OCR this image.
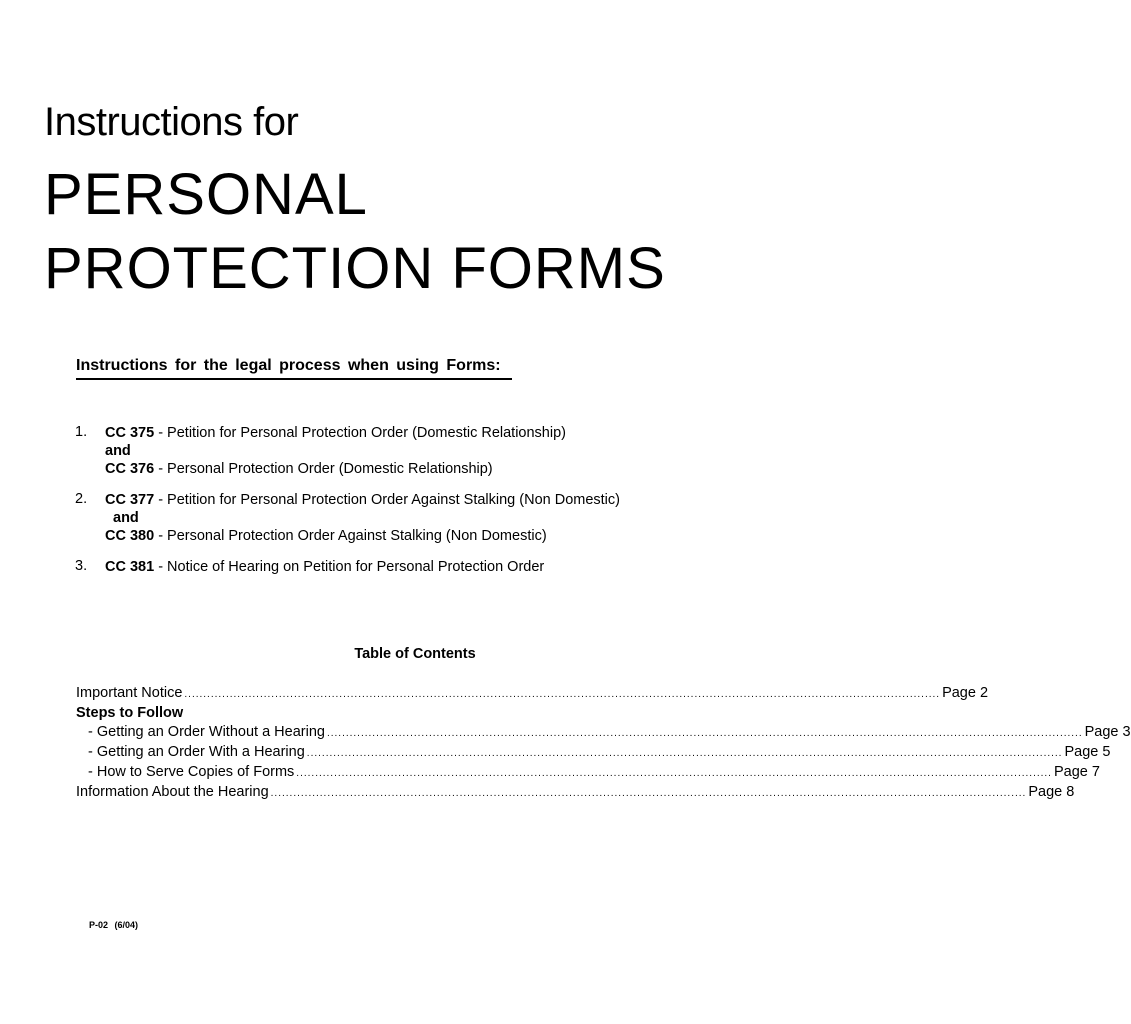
Instructions for
PERSONAL
PROTECTION FORMS
Instructions for the legal process when using Forms:
1.	CC 375 - Petition for Personal Protection Order (Domestic Relationship)
and
CC 376 - Personal Protection Order (Domestic Relationship)
2.	CC 377 - Petition for Personal Protection Order Against Stalking (Non Domestic)
and
CC 380 - Personal Protection Order Against Stalking (Non Domestic)
3.	CC 381 - Notice of Hearing on Petition for Personal Protection Order
Table of Contents
Important Notice ........................................................................................................................................................................................................ Page 2
Steps to Follow
- Getting an Order Without a Hearing ........................................................................................................................................................................................................ Page 3
- Getting an Order With a Hearing ........................................................................................................................................................................................................ Page 5
- How to Serve Copies of Forms ........................................................................................................................................................................................................ Page 7
Information About the Hearing ........................................................................................................................................................................................................ Page 8
P-02 (6/04)
